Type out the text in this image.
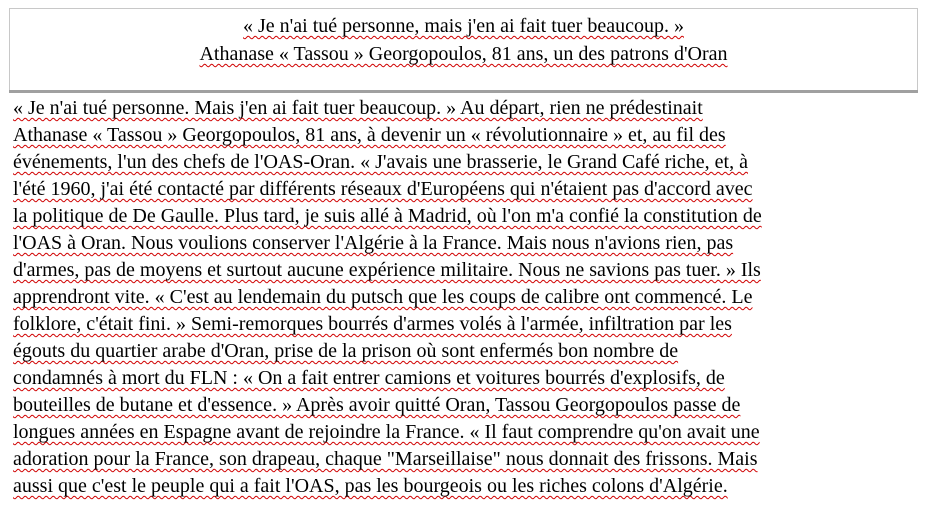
« Je n'ai tué personne, mais j'en ai fait tuer beaucoup. »
Athanase « Tassou » Georgopoulos, 81 ans, un des patrons d'Oran
« Je n'ai tué personne. Mais j'en ai fait tuer beaucoup. » Au départ, rien ne prédestinait
Athanase « Tassou » Georgopoulos, 81 ans, à devenir un « révolutionnaire » et, au fil des
événements, l'un des chefs de l'OAS-Oran. « J'avais une brasserie, le Grand Café riche, et, à
l'été 1960, j'ai été contacté par différents réseaux d'Européens qui n'étaient pas d'accord avec
la politique de De Gaulle. Plus tard, je suis allé à Madrid, où l'on m'a confié la constitution de
l'OAS à Oran. Nous voulions conserver l'Algérie à la France. Mais nous n'avions rien, pas
d'armes, pas de moyens et surtout aucune expérience militaire. Nous ne savions pas tuer. » Ils
apprendront vite. « C'est au lendemain du putsch que les coups de calibre ont commencé. Le
folklore, c'était fini. » Semi-remorques bourrés d'armes volés à l'armée, infiltration par les
égouts du quartier arabe d'Oran, prise de la prison où sont enfermés bon nombre de
condamnés à mort du FLN : « On a fait entrer camions et voitures bourrés d'explosifs, de
bouteilles de butane et d'essence. » Après avoir quitté Oran, Tassou Georgopoulos passe de
longues années en Espagne avant de rejoindre la France. « Il faut comprendre qu'on avait une
adoration pour la France, son drapeau, chaque "Marseillaise" nous donnait des frissons. Mais
aussi que c'est le peuple qui a fait l'OAS, pas les bourgeois ou les riches colons d'Algérie.
